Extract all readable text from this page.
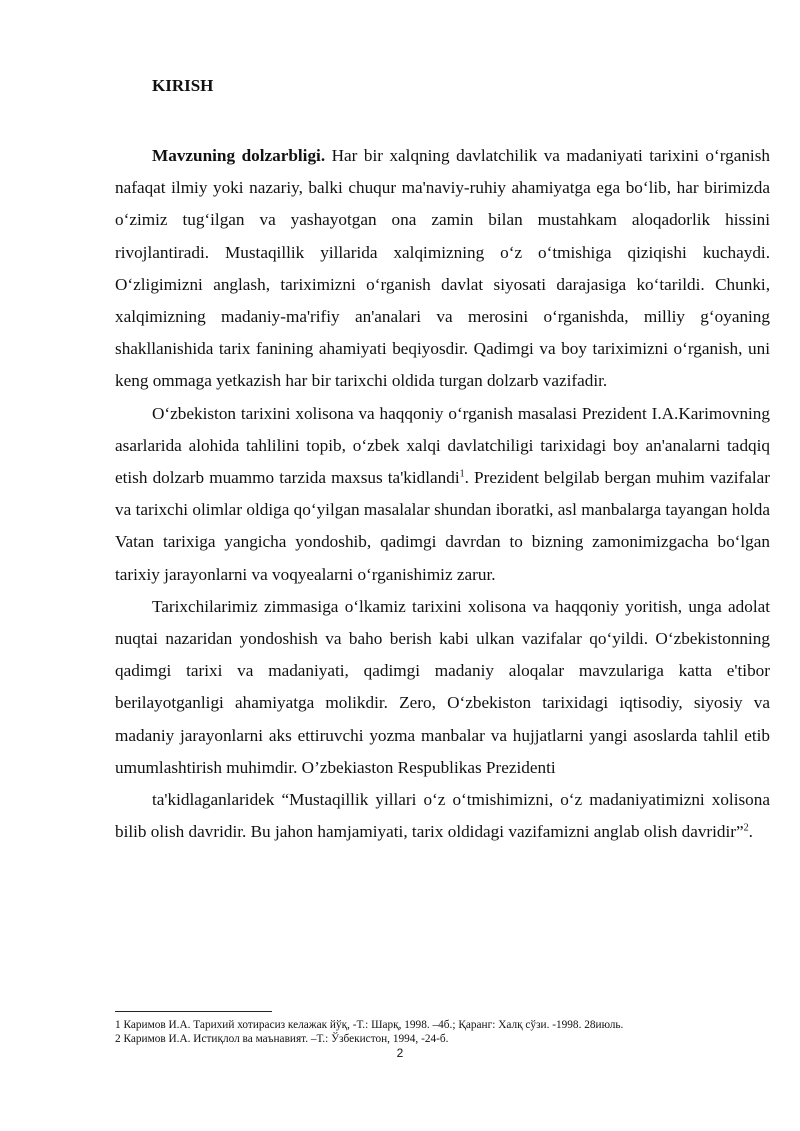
KIRISH

Mavzuning dolzarbligi. Har bir xalqning davlatchilik va madaniyati tarixini o‘rganish nafaqat ilmiy yoki nazariy, balki chuqur ma'naviy-ruhiy ahamiyatga ega bo‘lib, har birimizda o‘zimiz tug‘ilgan va yashayotgan ona zamin bilan mustahkam aloqadorlik hissini rivojlantiradi. Mustaqillik yillarida xalqimizning o‘z o‘tmishiga qiziqishi kuchaydi. O‘zligimizni anglash, tariximizni o‘rganish davlat siyosati darajasiga ko‘tarildi. Chunki, xalqimizning madaniy-ma'rifiy an'analari va merosini o‘rganishda, milliy g‘oyaning shakllanishida tarix fanining ahamiyati beqiyosdir. Qadimgi va boy tariximizni o‘rganish, uni keng ommaga yetkazish har bir tarixchi oldida turgan dolzarb vazifadir.

O‘zbekiston tarixini xolisona va haqqoniy o‘rganish masalasi Prezident I.A.Karimovning asarlarida alohida tahlilini topib, o‘zbek xalqi davlatchiligi tarixidagi boy an'analarni tadqiq etish dolzarb muammo tarzida maxsus ta'kidlandi$^1$. Prezident belgilab bergan muhim vazifalar va tarixchi olimlar oldiga qo‘yilgan masalalar shundan iboratki, asl manbalarga tayangan holda Vatan tarixiga yangicha yondoshib, qadimgi davrdan to bizning zamonimizgacha bo‘lgan tarixiy jarayonlarni va voqyealarni o‘rganishimiz zarur.

Tarixchilarimiz zimmasiga o‘lkamiz tarixini xolisona va haqqoniy yoritish, unga adolat nuqtai nazaridan yondoshish va baho berish kabi ulkan vazifalar qo‘yildi. O‘zbekistonning qadimgi tarixi va madaniyati, qadimgi madaniy aloqalar mavzulariga katta e'tibor berilayotganligi ahamiyatga molikdir. Zero, O‘zbekiston tarixidagi iqtisodiy, siyosiy va madaniy jarayonlarni aks ettiruvchi yozma manbalar va hujjatlarni yangi asoslarda tahlil etib umumlashtirish muhimdir. O’zbekiaston Respublikas Prezidenti

ta'kidlaganlaridek “Mustaqillik yillari o‘z o‘tmishimizni, o‘z madaniyatimizni xolisona bilib olish davridir. Bu jahon hamjamiyati, tarix oldidagi vazifamizni anglab olish davridir”$^2$.

1 Каримов И.А. Тарихий хотирасиз келажак йўқ, -Т.: Шарқ, 1998. –4б.; Қаранг: Халқ сўзи. -1998. 28июль.
2 Каримов И.А. Истиқлол ва маънавият. –Т.: Ўзбекистон, 1994, -24-б.
2
